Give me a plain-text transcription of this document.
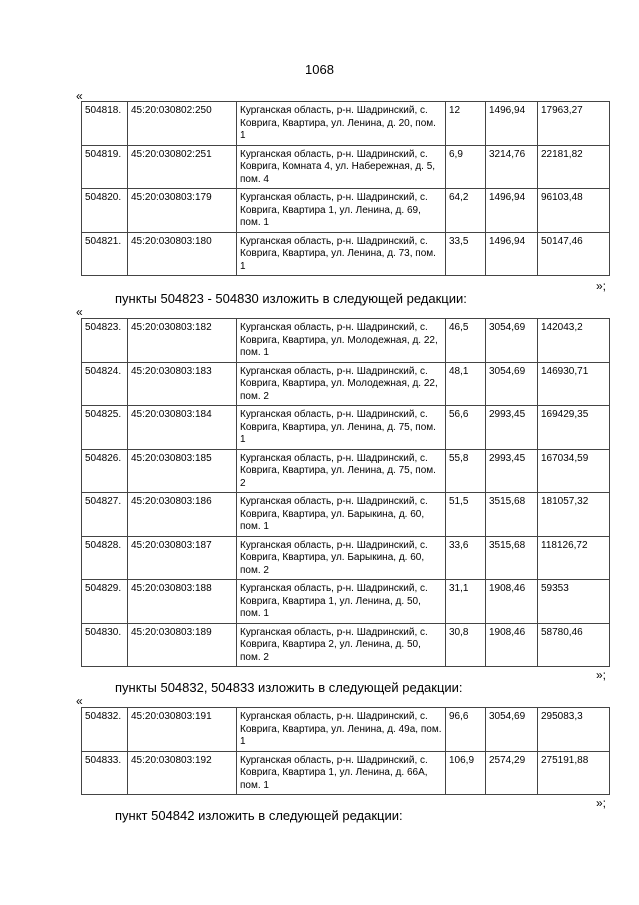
1068
«
504818.	45:20:030802:250	Курганская область, р-н. Шадринский, с. Коврига, Квартира, ул. Ленина, д. 20, пом. 1	12	1496,94	17963,27
504819.	45:20:030802:251	Курганская область, р-н. Шадринский, с. Коврига, Комната 4, ул. Набережная, д. 5, пом. 4	6,9	3214,76	22181,82
504820.	45:20:030803:179	Курганская область, р-н. Шадринский, с. Коврига, Квартира 1, ул. Ленина, д. 69, пом. 1	64,2	1496,94	96103,48
504821.	45:20:030803:180	Курганская область, р-н. Шадринский, с. Коврига, Квартира, ул. Ленина, д. 73, пом. 1	33,5	1496,94	50147,46
»;
пункты 504823 - 504830 изложить в следующей редакции:
«
504823.	45:20:030803:182	Курганская область, р-н. Шадринский, с. Коврига, Квартира, ул. Молодежная, д. 22, пом. 1	46,5	3054,69	142043,2
504824.	45:20:030803:183	Курганская область, р-н. Шадринский, с. Коврига, Квартира, ул. Молодежная, д. 22, пом. 2	48,1	3054,69	146930,71
504825.	45:20:030803:184	Курганская область, р-н. Шадринский, с. Коврига, Квартира, ул. Ленина, д. 75, пом. 1	56,6	2993,45	169429,35
504826.	45:20:030803:185	Курганская область, р-н. Шадринский, с. Коврига, Квартира, ул. Ленина, д. 75, пом. 2	55,8	2993,45	167034,59
504827.	45:20:030803:186	Курганская область, р-н. Шадринский, с. Коврига, Квартира, ул. Барыкина, д. 60, пом. 1	51,5	3515,68	181057,32
504828.	45:20:030803:187	Курганская область, р-н. Шадринский, с. Коврига, Квартира, ул. Барыкина, д. 60, пом. 2	33,6	3515,68	118126,72
504829.	45:20:030803:188	Курганская область, р-н. Шадринский, с. Коврига, Квартира 1, ул. Ленина, д. 50, пом. 1	31,1	1908,46	59353
504830.	45:20:030803:189	Курганская область, р-н. Шадринский, с. Коврига, Квартира 2, ул. Ленина, д. 50, пом. 2	30,8	1908,46	58780,46
»;
пункты 504832, 504833 изложить в следующей редакции:
«
504832.	45:20:030803:191	Курганская область, р-н. Шадринский, с. Коврига, Квартира, ул. Ленина, д. 49а, пом. 1	96,6	3054,69	295083,3
504833.	45:20:030803:192	Курганская область, р-н. Шадринский, с. Коврига, Квартира 1, ул. Ленина, д. 66А, пом. 1	106,9	2574,29	275191,88
»;
пункт 504842 изложить в следующей редакции:
